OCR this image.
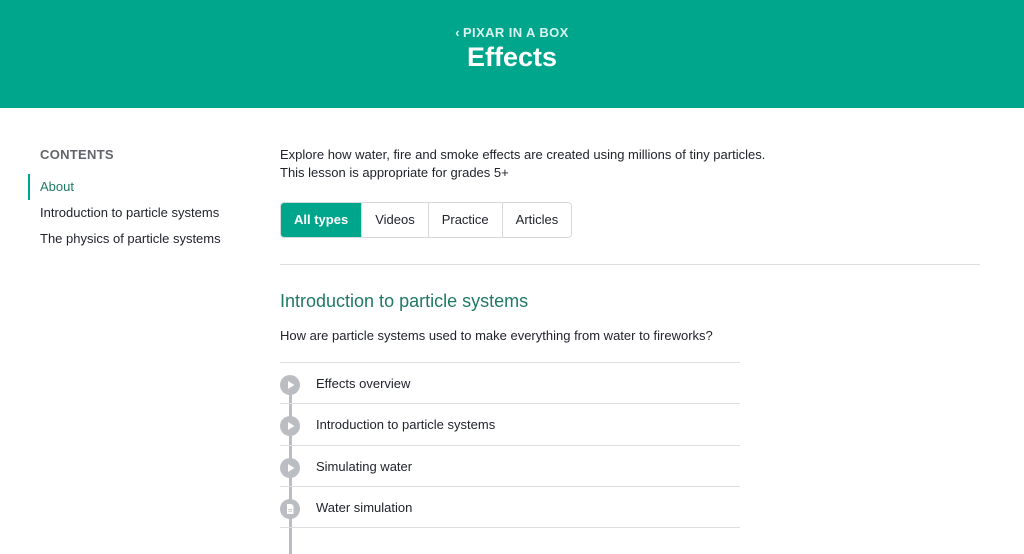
‹ PIXAR IN A BOX
Effects
CONTENTS
About
Introduction to particle systems
The physics of particle systems

Explore how water, fire and smoke effects are created using millions of tiny particles.
This lesson is appropriate for grades 5+

All types	Videos	Practice	Articles
Introduction to particle systems

How are particle systems used to make everything from water to fireworks?

Effects overview
Introduction to particle systems
Simulating water
Water simulation
